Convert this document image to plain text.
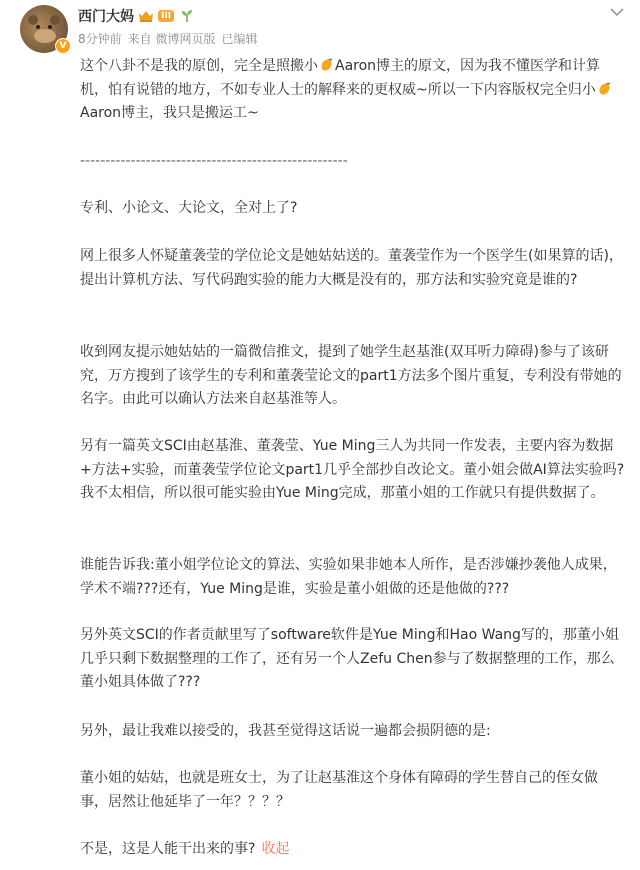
V
西门大妈	III
8分钟前 来自 微博网页版 已编辑
这个八卦不是我的原创，完全是照搬小 Aaron博主的原文，因为我不懂医学和计算机，怕有说错的地方，不如专业人士的解释来的更权威~所以一下内容版权完全归小Aaron博主，我只是搬运工~
-----------------------------------------------------
专利、小论文、大论文，全对上了?
网上很多人怀疑董袭莹的学位论文是她姑姑送的。董袭莹作为一个医学生(如果算的话)，提出计算机方法、写代码跑实验的能力大概是没有的，那方法和实验究竟是谁的?
收到网友提示她姑姑的一篇微信推文，提到了她学生赵基淮(双耳听力障碍)参与了该研究，万方搜到了该学生的专利和董袭莹论文的part1方法多个图片重复，专利没有带她的名字。由此可以确认方法来自赵基淮等人。
另有一篇英文SCI由赵基淮、董袭莹、Yue Ming三人为共同一作发表，主要内容为数据+方法+实验，而董袭莹学位论文part1几乎全部抄自改论文。董小姐会做AI算法实验吗?我不太相信，所以很可能实验由Yue Ming完成，那董小姐的工作就只有提供数据了。
谁能告诉我:董小姐学位论文的算法、实验如果非她本人所作，是否涉嫌抄袭他人成果，学术不端???还有，Yue Ming是谁，实验是董小姐做的还是他做的???
另外英文SCI的作者贡献里写了software软件是Yue Ming和Hao Wang写的，那董小姐几乎只剩下数据整理的工作了，还有另一个人Zefu Chen参与了数据整理的工作，那么董小姐具体做了???
另外，最让我难以接受的，我甚至觉得这话说一遍都会损阴德的是:
董小姐的姑姑，也就是班女士，为了让赵基淮这个身体有障碍的学生替自己的侄女做事，居然让他延毕了一年？？？？
不是，这是人能干出来的事? 收起
